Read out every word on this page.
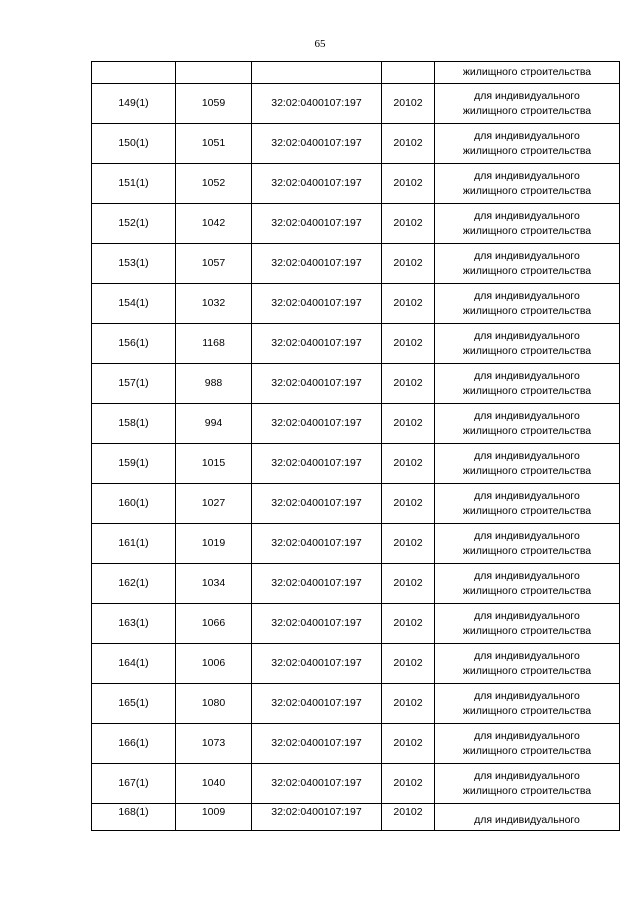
65
				жилищного строительства
149(1)	1059	32:02:0400107:197	20102	для индивидуального
жилищного строительства

150(1)	1051	32:02:0400107:197	20102	для индивидуального
жилищного строительства

151(1)	1052	32:02:0400107:197	20102	для индивидуального
жилищного строительства

152(1)	1042	32:02:0400107:197	20102	для индивидуального
жилищного строительства

153(1)	1057	32:02:0400107:197	20102	для индивидуального
жилищного строительства

154(1)	1032	32:02:0400107:197	20102	для индивидуального
жилищного строительства

156(1)	1168	32:02:0400107:197	20102	для индивидуального
жилищного строительства

157(1)	988	32:02:0400107:197	20102	для индивидуального
жилищного строительства

158(1)	994	32:02:0400107:197	20102	для индивидуального
жилищного строительства

159(1)	1015	32:02:0400107:197	20102	для индивидуального
жилищного строительства

160(1)	1027	32:02:0400107:197	20102	для индивидуального
жилищного строительства

161(1)	1019	32:02:0400107:197	20102	для индивидуального
жилищного строительства

162(1)	1034	32:02:0400107:197	20102	для индивидуального
жилищного строительства

163(1)	1066	32:02:0400107:197	20102	для индивидуального
жилищного строительства

164(1)	1006	32:02:0400107:197	20102	для индивидуального
жилищного строительства

165(1)	1080	32:02:0400107:197	20102	для индивидуального
жилищного строительства

166(1)	1073	32:02:0400107:197	20102	для индивидуального
жилищного строительства

167(1)	1040	32:02:0400107:197	20102	для индивидуального
жилищного строительства

168(1)	1009	32:02:0400107:197	20102	для индивидуального
